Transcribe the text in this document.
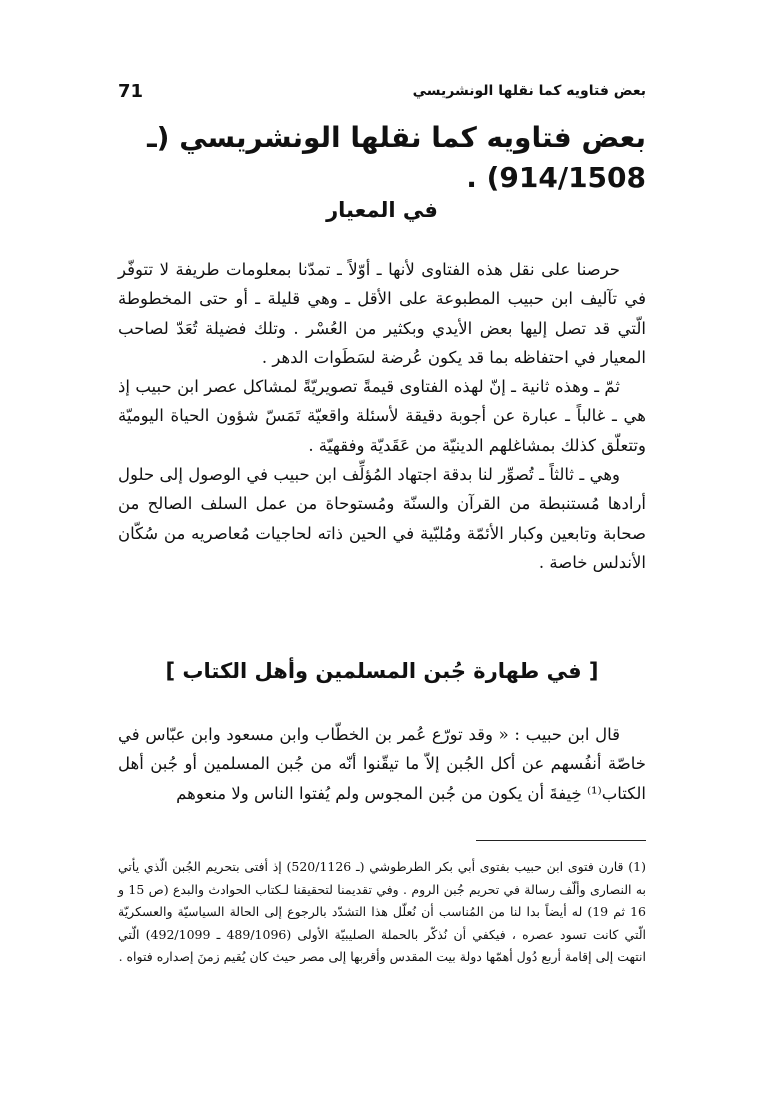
71	بعض فتاويه كما نقلها الونشريسي
بعض فتاويه كما نقلها الونشريسي (ـ 914/1508) .
في المعيار

حرصنا على نقل هذه الفتاوى لأنها ـ أوّلاً ـ تمدّنا بمعلومات طريفة لا تتوفّر في تآليف ابن حبيب المطبوعة على الأقل ـ وهي قليلة ـ أو حتى المخطوطة الّتي قد تصل إليها بعض الأيدي وبكثير من العُسْر . وتلك فضيلة تُعَدّ لصاحب المعيار في احتفاظه بما قد يكون عُرضة لسَطَوات الدهر .

ثمّ ـ وهذه ثانية ـ إنّ لهذه الفتاوى قيمةً تصويريّةً لمشاكل عصر ابن حبيب إذ هي ـ غالباً ـ عبارة عن أجوبة دقيقة لأسئلة واقعيّة تَمَسّ شؤون الحياة اليوميّة وتتعلّق كذلك بمشاغلهم الدينيّة من عَقَديّة وفقهيّة .

وهي ـ ثالثاً ـ تُصوِّر لنا بدقة اجتهاد المُؤلِّف ابن حبيب في الوصول إلى حلول أرادها مُستنبطة من القرآن والسنّة ومُستوحاة من عمل السلف الصالح من صحابة وتابعين وكبار الأئمّة ومُلبّية في الحين ذاته لحاجيات مُعاصريه من سُكّان الأندلس خاصة .

[ في طهارة جُبن المسلمين وأهل الكتاب ]

قال ابن حبيب : « وقد تورّع عُمر بن الخطّاب وابن مسعود وابن عبّاس في خاصّة أنفُسهم عن أكل الجُبن إلاّ ما تيقّنوا أنّه من جُبن المسلمين أو جُبن أهل الكتاب⁽¹⁾ خِيفةَ أن يكون من جُبن المجوس ولم يُفتوا الناس ولا منعوهم

(1) قارن فتوى ابن حبيب بفتوى أبي بكر الطرطوشي (ـ 520/1126) إذ أفتى بتحريم الجُبن الّذي يأتي به النصارى وألّف رسالة في تحريم جُبن الروم . وفي تقديمنا لتحقيقنا لـكتاب الحوادث والبدع (ص 15 و 16 ثم 19) له أيضاً بدا لنا من المُناسب أن نُعلّل هذا التشدّد بالرجوع إلى الحالة السياسيّة والعسكريّة الّتي كانت تسود عصره ، فيكفي أن نُذكّر بالحملة الصليبيّة الأولى (489/1096 ـ 492/1099) الّتي انتهت إلى إقامة أربع دُول أهمّها دولة بيت المقدس وأقربها إلى مصر حيث كان يُقيم زمنَ إصداره فتواه .
